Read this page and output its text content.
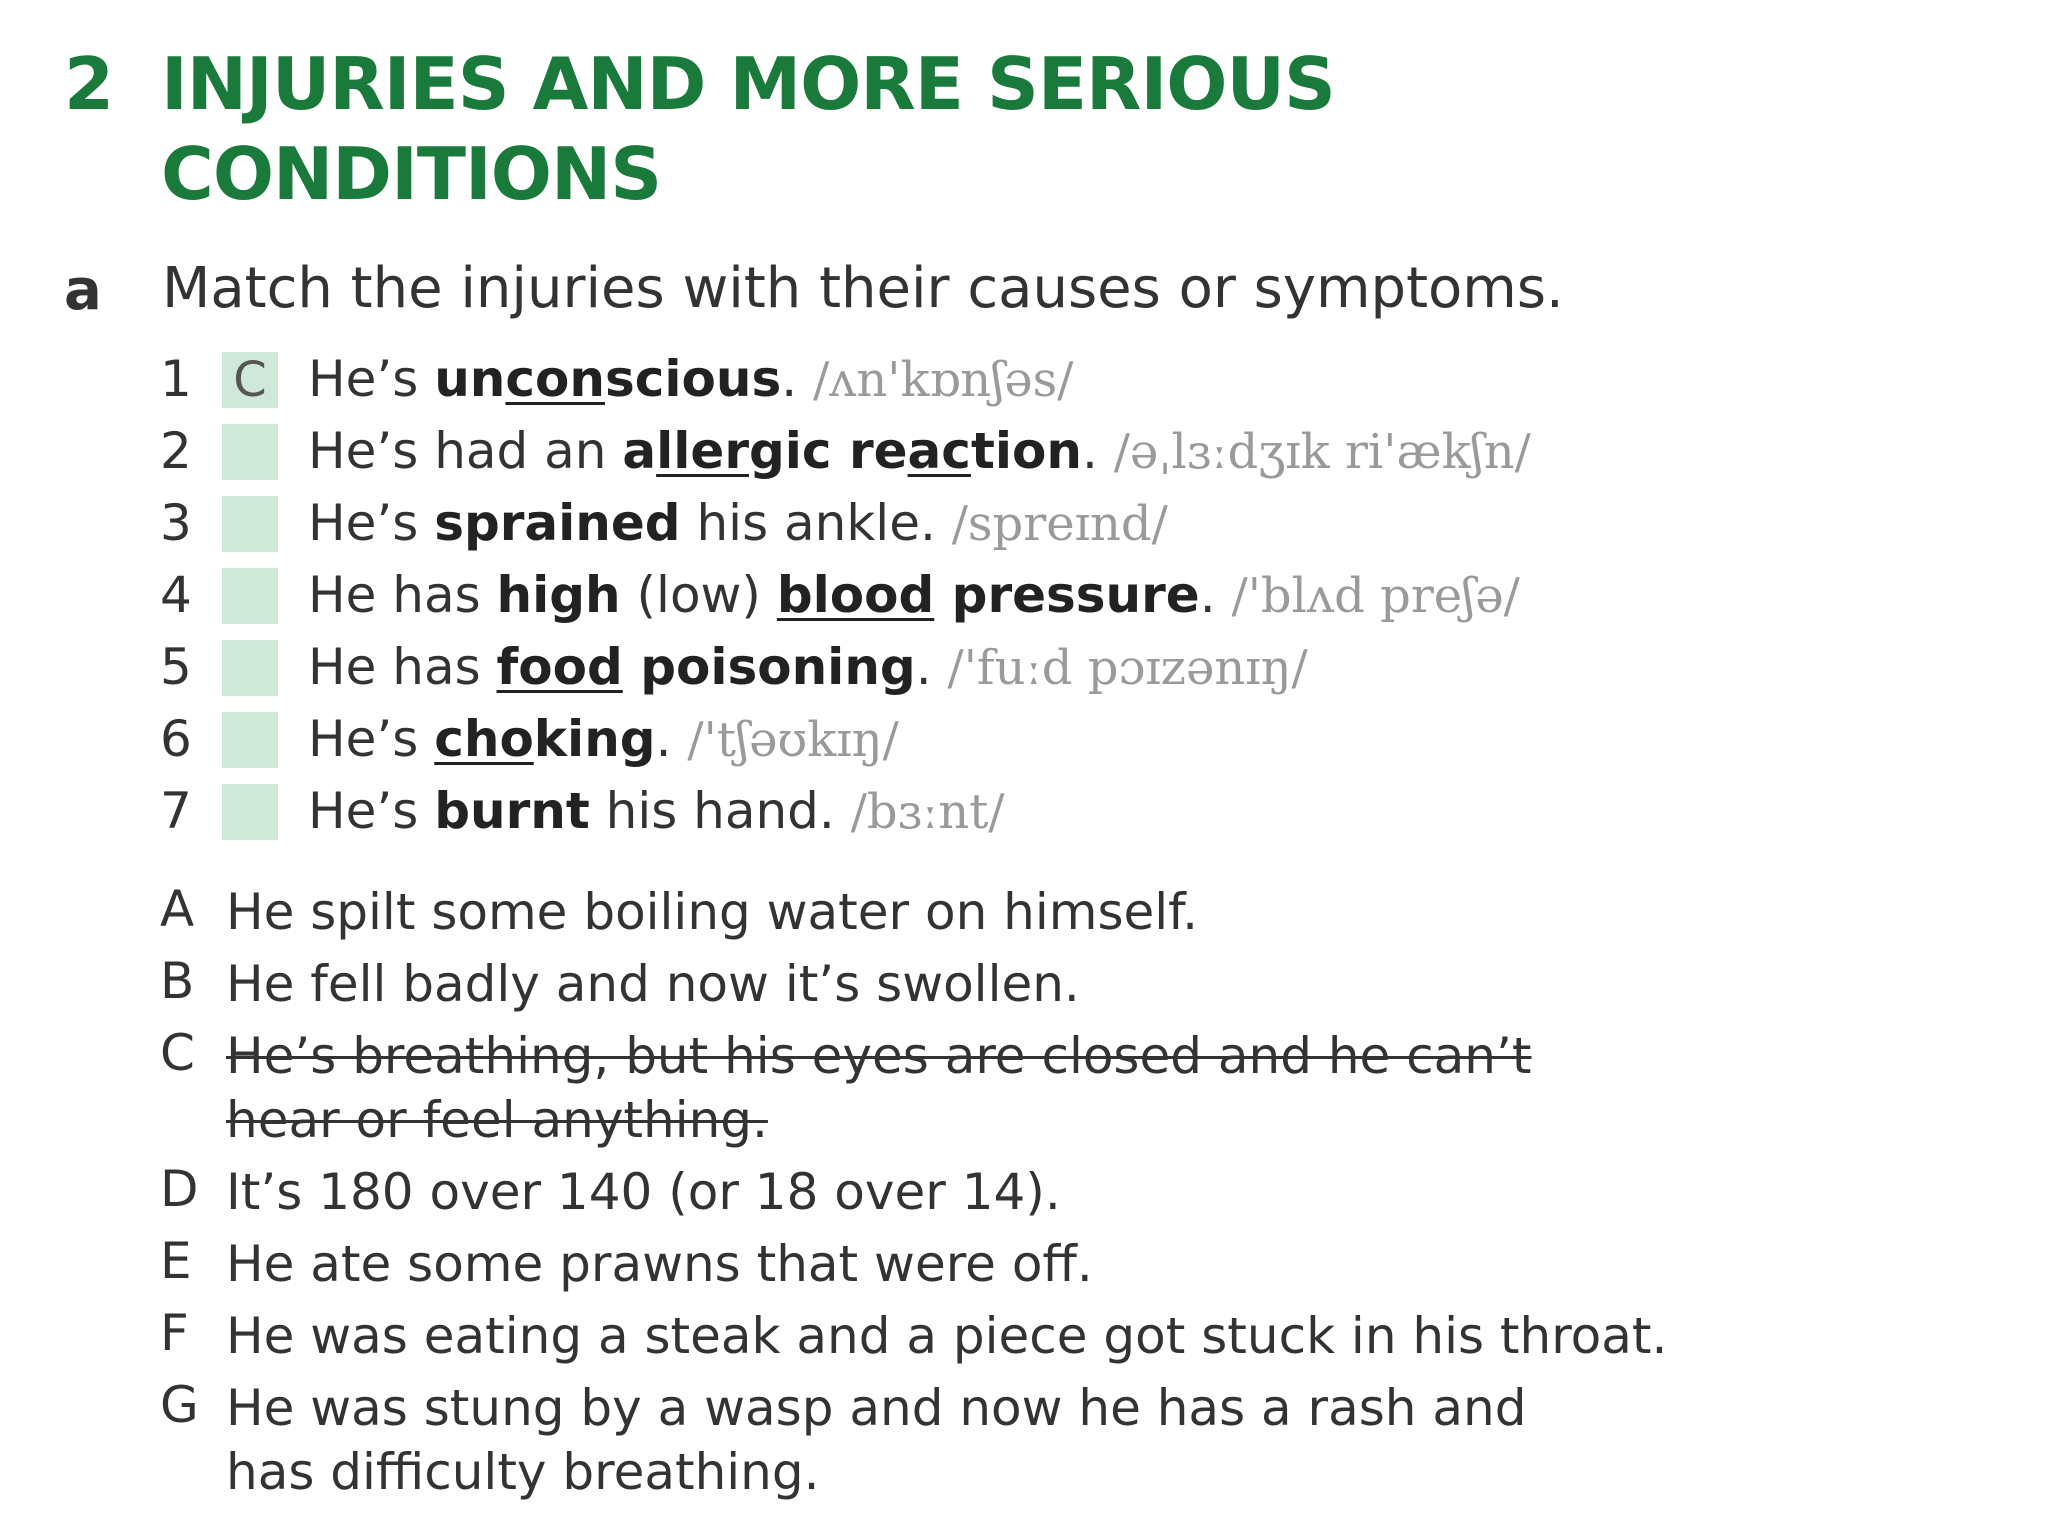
2 INJURIES AND MORE SERIOUS
CONDITIONS
a Match the injuries with their causes or symptoms.
1 C He’s unconscious. /ʌn'kɒnʃəs/
2 He’s had an allergic reaction. /əˌlɜːdʒɪk ri'ækʃn/
3 He’s sprained his ankle. /spreɪnd/
4 He has high (low) blood pressure. /'blʌd preʃə/
5 He has food poisoning. /'fuːd pɔɪzənɪŋ/
6 He’s choking. /'tʃəʊkɪŋ/
7 He’s burnt his hand. /bɜːnt/
A He spilt some boiling water on himself.
B He fell badly and now it’s swollen.
C He’s breathing, but his eyes are closed and he can’t
hear or feel anything.
D It’s 180 over 140 (or 18 over 14).
E He ate some prawns that were off.
F He was eating a steak and a piece got stuck in his throat.
G He was stung by a wasp and now he has a rash and
has difficulty breathing.
